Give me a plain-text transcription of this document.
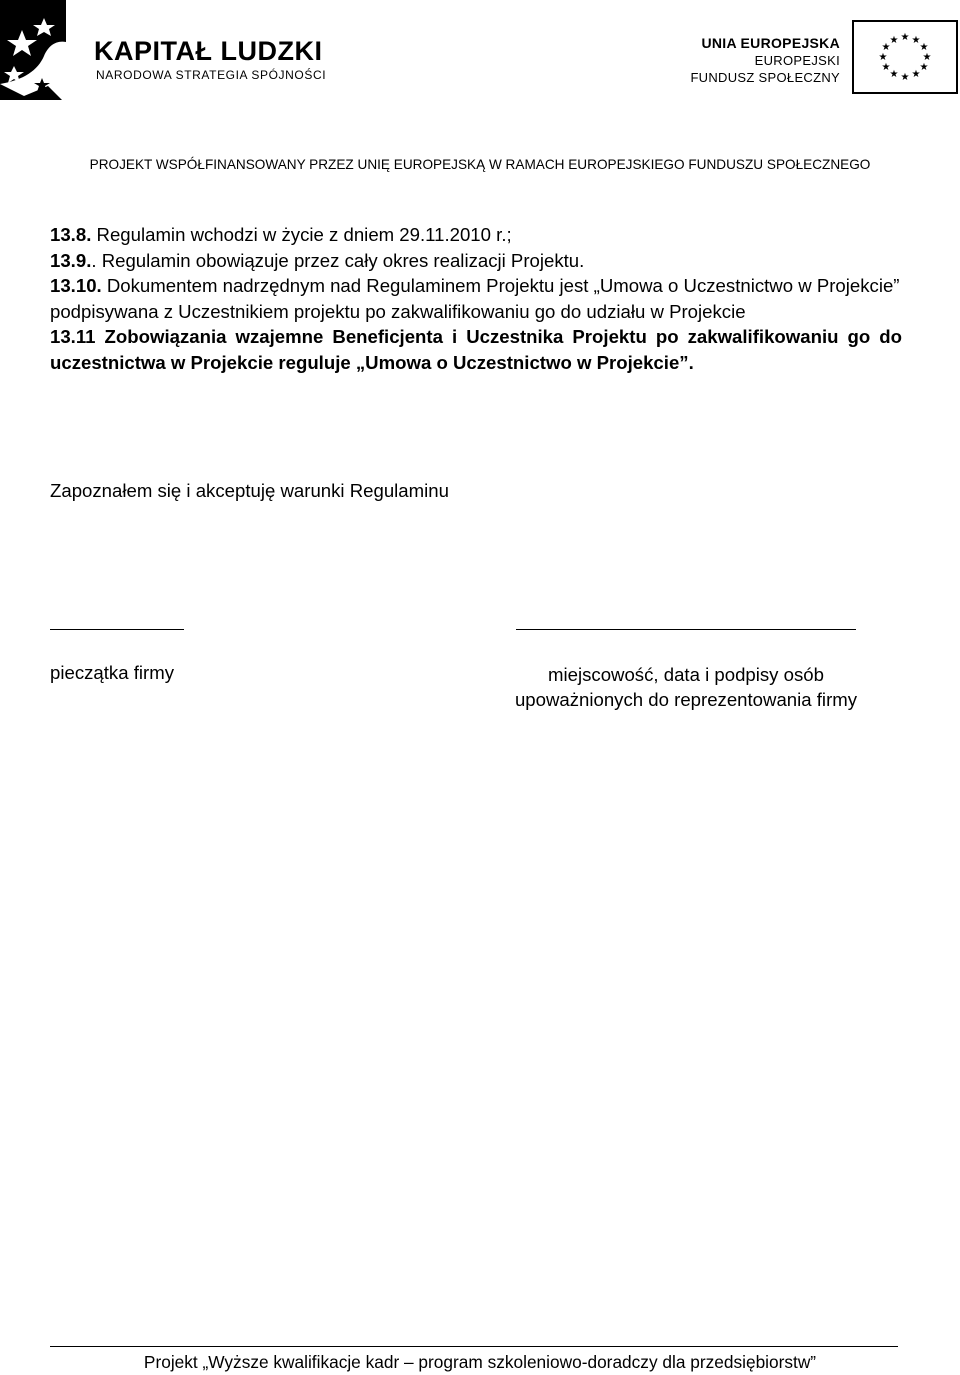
KAPITAŁ LUDZKI
NARODOWA STRATEGIA SPÓJNOŚCI
UNIA EUROPEJSKA
EUROPEJSKI
FUNDUSZ SPOŁECZNY
★ ★
★
★
★
★
★
★
★
★
★
★
PROJEKT WSPÓŁFINANSOWANY PRZEZ UNIĘ EUROPEJSKĄ W RAMACH EUROPEJSKIEGO FUNDUSZU SPOŁECZNEGO

13.8. Regulamin wchodzi w życie z dniem 29.11.2010 r.;

13.9.. Regulamin obowiązuje przez cały okres realizacji Projektu.

13.10. Dokumentem nadrzędnym nad Regulaminem Projektu jest „Umowa o Uczestnictwo w Projekcie” podpisywana z Uczestnikiem projektu po zakwalifikowaniu go do udziału w Projekcie

13.11 Zobowiązania wzajemne Beneficjenta i Uczestnika Projektu po zakwalifikowaniu go do uczestnictwa w Projekcie reguluje „Umowa o Uczestnictwo w Projekcie”.

Zapoznałem się i akceptuję warunki Regulaminu
pieczątka firmy	miejscowość, data i podpisy osób
upoważnionych do reprezentowania firmy
Projekt „Wyższe kwalifikacje kadr – program szkoleniowo-doradczy dla przedsiębiorstw”
